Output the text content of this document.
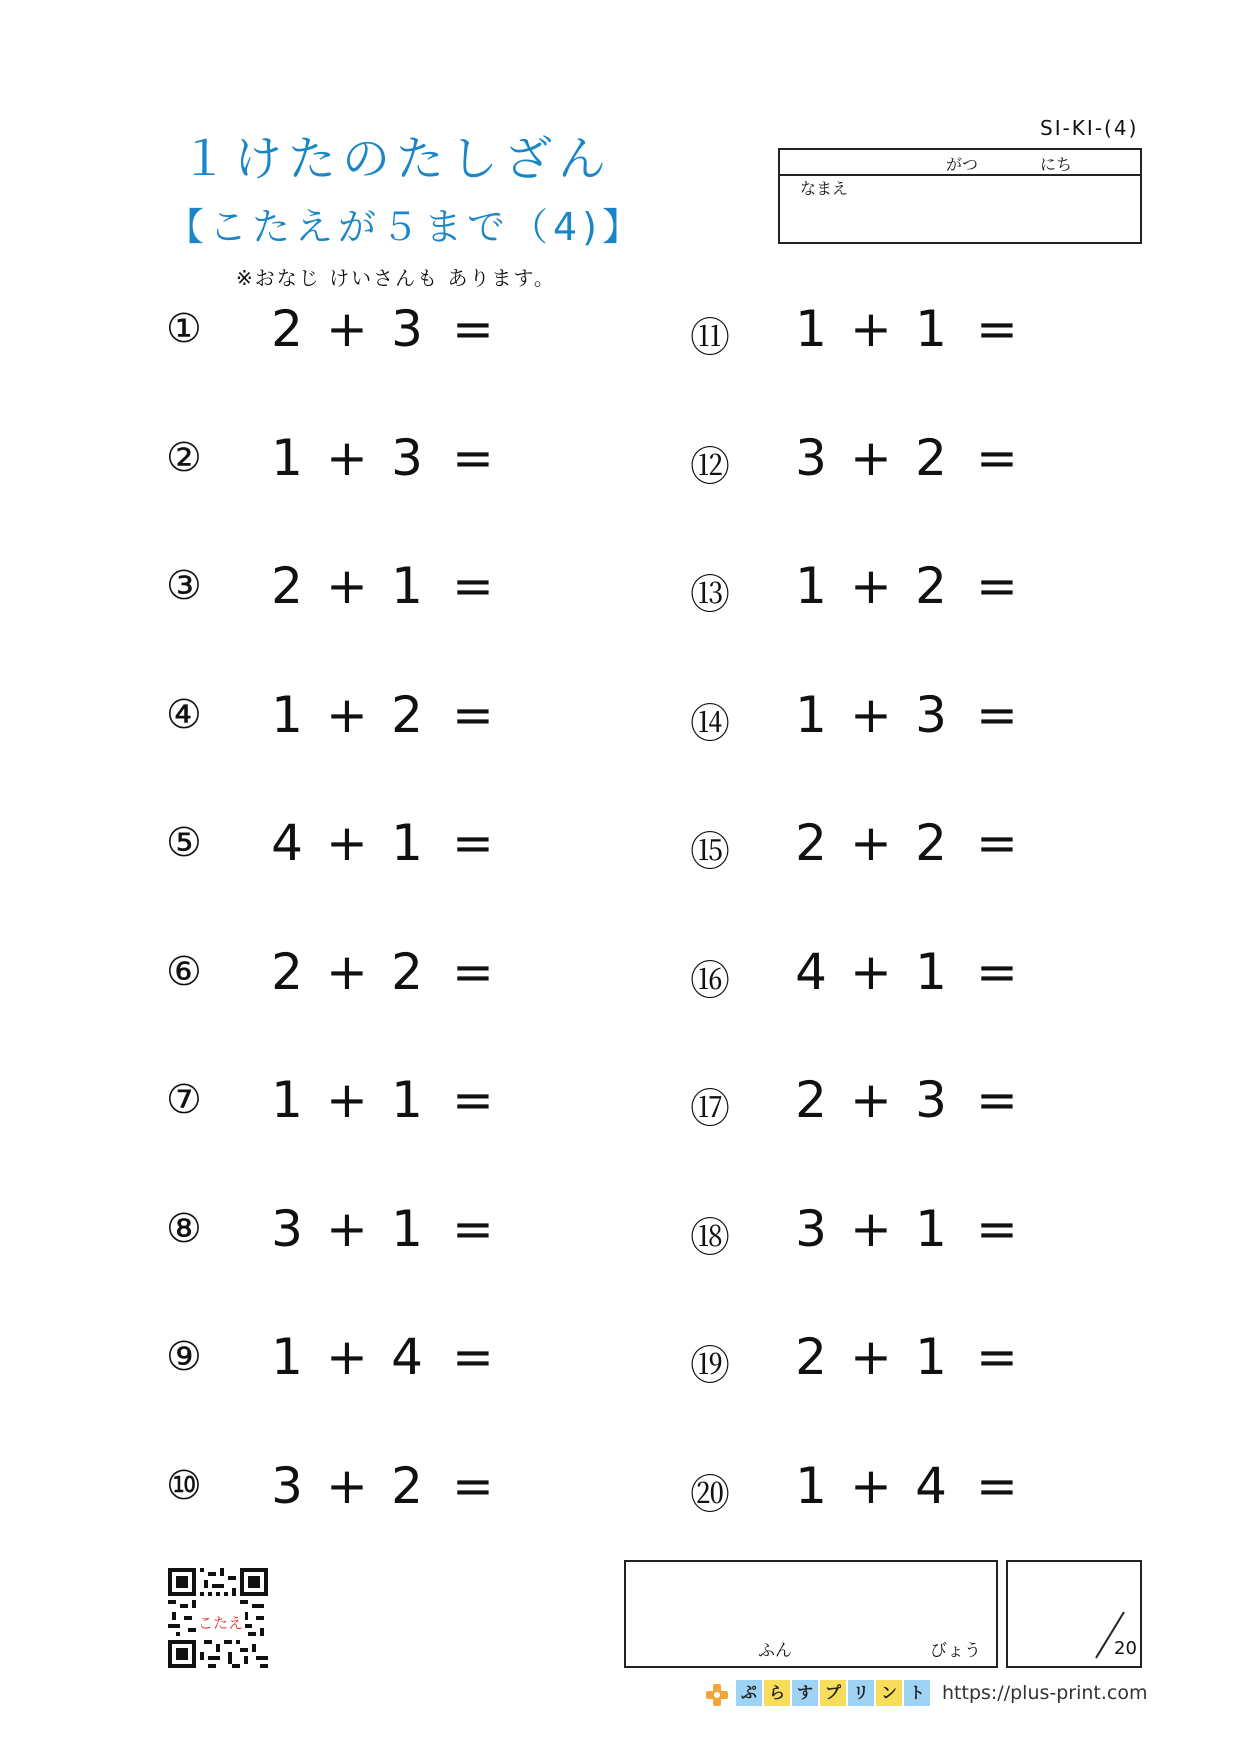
１けたのたしざん
【こたえが５まで（4)】
※おなじ けいさんも あります。
SI-KI-(4)
がつ	にち
なまえ
① 2 + 3 =
② 1 + 3 =
③ 2 + 1 =
④ 1 + 2 =
⑤ 4 + 1 =
⑥ 2 + 2 =
⑦ 1 + 1 =
⑧ 3 + 1 =
⑨ 1 + 4 =
⑩ 3 + 2 =
⑪ 1 + 1 =
⑫ 3 + 2 =
⑬ 1 + 2 =
⑭ 1 + 3 =
⑮ 2 + 2 =
⑯ 4 + 1 =
⑰ 2 + 3 =
⑱ 3 + 1 =
⑲ 2 + 1 =
⑳ 1 + 4 =
ふん	びょう	20
こたえ
ぷ ら す プ リ ン ト https://plus-print.com
